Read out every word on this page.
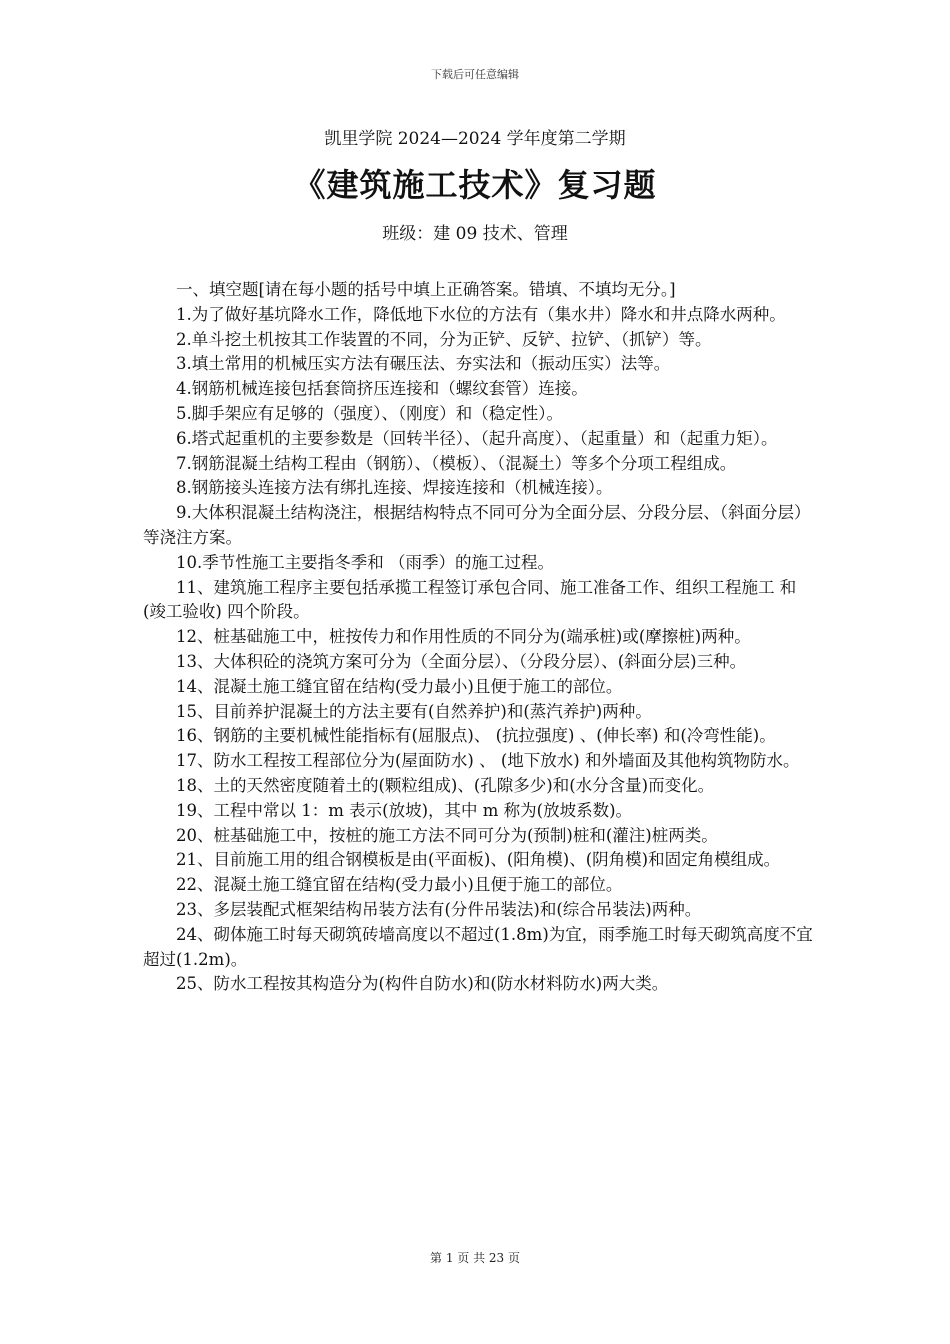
下载后可任意编辑
凯里学院 2024—2024 学年度第二学期
《建筑施工技术》复习题
班级：建 09 技术、管理

一、填空题[请在每小题的括号中填上正确答案。错填、不填均无分。]

1.为了做好基坑降水工作，降低地下水位的方法有（集水井）降水和井点降水两种。

2.单斗挖土机按其工作装置的不同，分为正铲、反铲、拉铲、（抓铲）等。

3.填土常用的机械压实方法有碾压法、夯实法和（振动压实）法等。

4.钢筋机械连接包括套筒挤压连接和（螺纹套管）连接。

5.脚手架应有足够的（强度）、（刚度）和（稳定性）。

6.塔式起重机的主要参数是（回转半径）、（起升高度）、（起重量）和（起重力矩）。

7.钢筋混凝土结构工程由（钢筋）、（模板）、（混凝土）等多个分项工程组成。

8.钢筋接头连接方法有绑扎连接、焊接连接和（机械连接）。

9.大体积混凝土结构浇注，根据结构特点不同可分为全面分层、分段分层、（斜面分层）等浇注方案。

10.季节性施工主要指冬季和 （雨季）的施工过程。

11、建筑施工程序主要包括承揽工程签订承包合同、施工准备工作、组织工程施工 和(竣工验收) 四个阶段。

12、桩基础施工中，桩按传力和作用性质的不同分为(端承桩)或(摩擦桩)两种。

13、大体积砼的浇筑方案可分为（全面分层）、（分段分层）、(斜面分层)三种。

14、混凝土施工缝宜留在结构(受力最小)且便于施工的部位。

15、目前养护混凝土的方法主要有(自然养护)和(蒸汽养护)两种。

16、钢筋的主要机械性能指标有(屈服点)、 (抗拉强度) 、(伸长率) 和(冷弯性能)。

17、防水工程按工程部位分为(屋面防水) 、 (地下放水) 和外墙面及其他构筑物防水。

18、土的天然密度随着土的(颗粒组成)、(孔隙多少)和(水分含量)而变化。

19、工程中常以 1：m 表示(放坡)，其中 m 称为(放坡系数)。

20、桩基础施工中，按桩的施工方法不同可分为(预制)桩和(灌注)桩两类。

21、目前施工用的组合钢模板是由(平面板)、(阳角模)、(阴角模)和固定角模组成。

22、混凝土施工缝宜留在结构(受力最小)且便于施工的部位。

23、多层装配式框架结构吊装方法有(分件吊装法)和(综合吊装法)两种。

24、砌体施工时每天砌筑砖墙高度以不超过(1.8m)为宜，雨季施工时每天砌筑高度不宜超过(1.2m)。

25、防水工程按其构造分为(构件自防水)和(防水材料防水)两大类。

第 1 页 共 23 页
